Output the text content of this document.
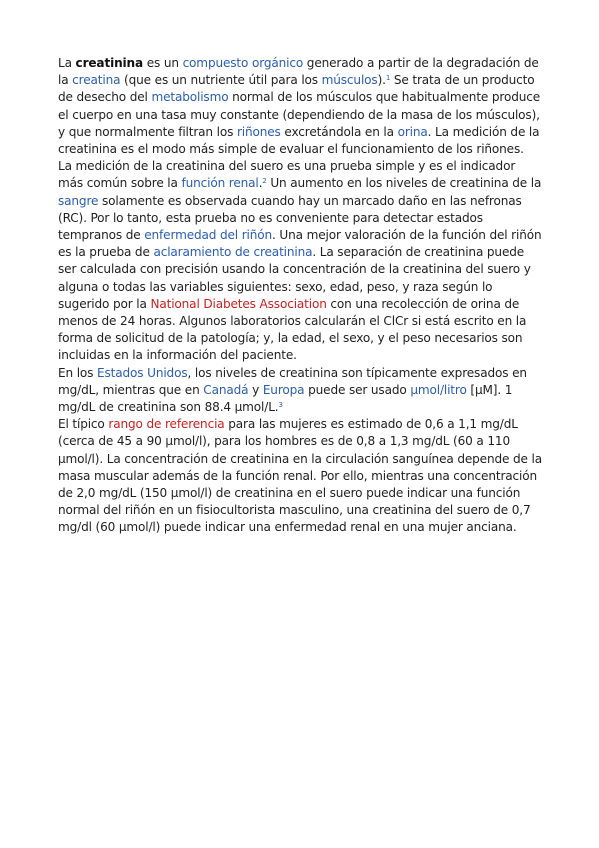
La creatinina es un compuesto orgánico generado a partir de la degradación de la creatina (que es un nutriente útil para los músculos).$^1$ Se trata de un producto de desecho del metabolismo normal de los músculos que habitualmente produce el cuerpo en una tasa muy constante (dependiendo de la masa de los músculos), y que normalmente filtran los riñones excretándola en la orina. La medición de la creatinina es el modo más simple de evaluar el funcionamiento de los riñones.

La medición de la creatinina del suero es una prueba simple y es el indicador más común sobre la función renal.$^2$ Un aumento en los niveles de creatinina de la sangre solamente es observada cuando hay un marcado daño en las nefronas (RC). Por lo tanto, esta prueba no es conveniente para detectar estados tempranos de enfermedad del riñón. Una mejor valoración de la función del riñón es la prueba de aclaramiento de creatinina. La separación de creatinina puede ser calculada con precisión usando la concentración de la creatinina del suero y alguna o todas las variables siguientes: sexo, edad, peso, y raza según lo sugerido por la National Diabetes Association con una recolección de orina de menos de 24 horas. Algunos laboratorios calcularán el ClCr si está escrito en la forma de solicitud de la patología; y, la edad, el sexo, y el peso necesarios son incluidas en la información del paciente.

En los Estados Unidos, los niveles de creatinina son típicamente expresados en mg/dL, mientras que en Canadá y Europa puede ser usado µmol/litro [µM]. 1 mg/dL de creatinina son 88.4 µmol/L.$^3$

El típico rango de referencia para las mujeres es estimado de 0,6 a 1,1 mg/dL (cerca de 45 a 90 µmol/l), para los hombres es de 0,8 a 1,3 mg/dL (60 a 110 µmol/l). La concentración de creatinina en la circulación sanguínea depende de la masa muscular además de la función renal. Por ello, mientras una concentración de 2,0 mg/dL (150 µmol/l) de creatinina en el suero puede indicar una función normal del riñón en un fisiocultorista masculino, una creatinina del suero de 0,7 mg/dl (60 µmol/l) puede indicar una enfermedad renal en una mujer anciana.
